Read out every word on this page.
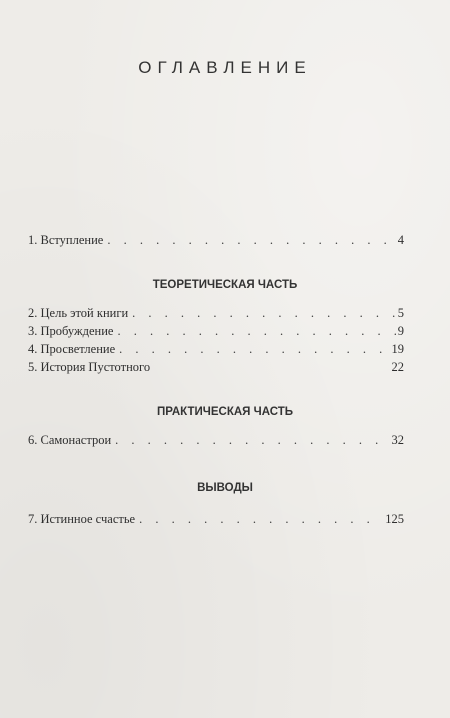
ОГЛАВЛЕНИЕ
1. Вступление . . .	4
ТЕОРЕТИЧЕСКАЯ ЧАСТЬ
2. Цель этой книги . . .	5
3. Пробуждение . . .	9
4. Просветление . . .	19
5. История Пустотного	22
ПРАКТИЧЕСКАЯ ЧАСТЬ
6. Самонастрои . . .	32
ВЫВОДЫ
7. Истинное счастье . . .	125
